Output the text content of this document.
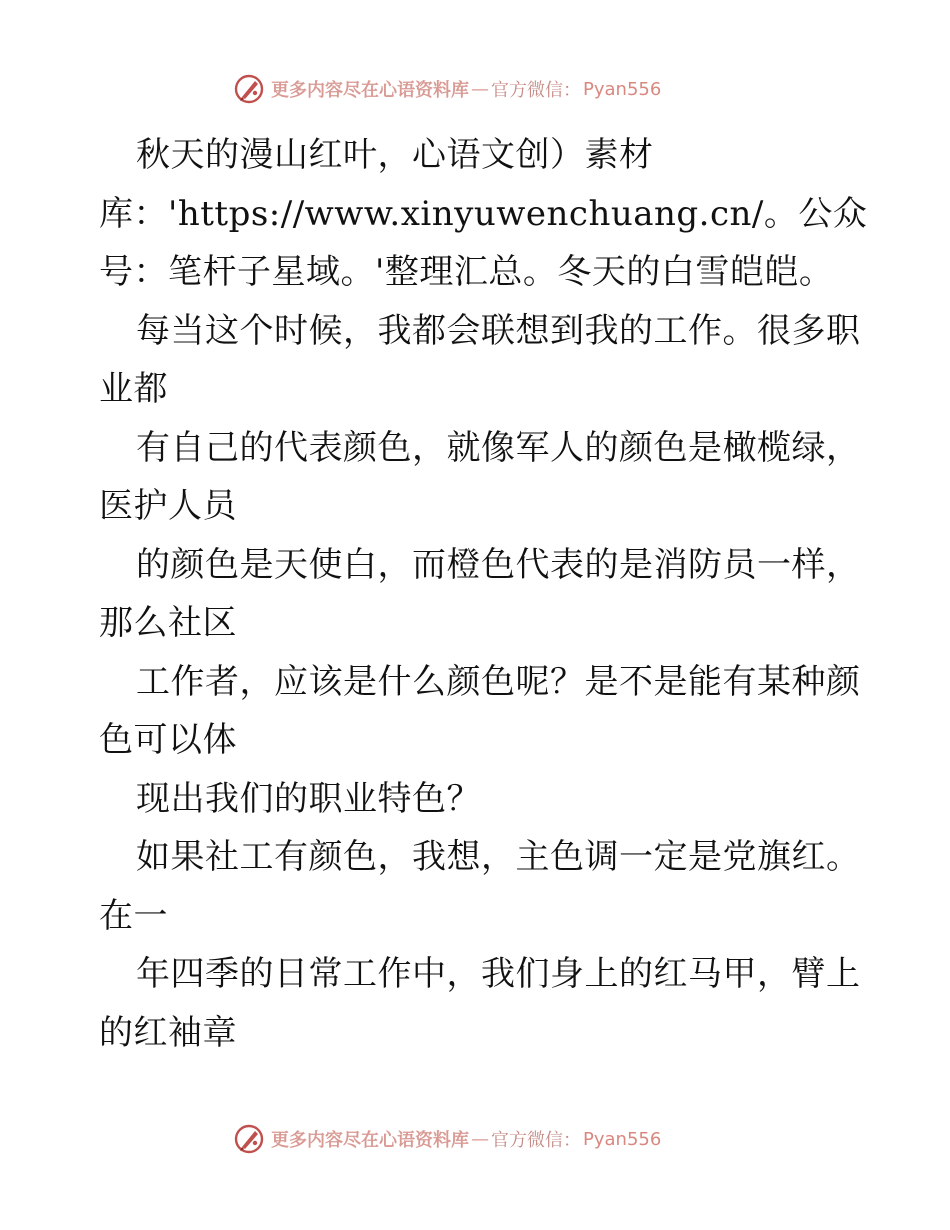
更多内容尽在心语资料库 — 官方微信： Pyan556
秋天的漫山红叶，心语文创）素材
库：'https://www.xinyuwenchuang.cn/。公众
号：笔杆子星域。'整理汇总。冬天的白雪皑皑。
每当这个时候，我都会联想到我的工作。很多职
业都
有自己的代表颜色，就像军人的颜色是橄榄绿，
医护人员
的颜色是天使白，而橙色代表的是消防员一样，
那么社区
工作者，应该是什么颜色呢？是不是能有某种颜
色可以体
现出我们的职业特色？
如果社工有颜色，我想，主色调一定是党旗红。
在一
年四季的日常工作中，我们身上的红马甲，臂上
的红袖章
更多内容尽在心语资料库 — 官方微信： Pyan556
